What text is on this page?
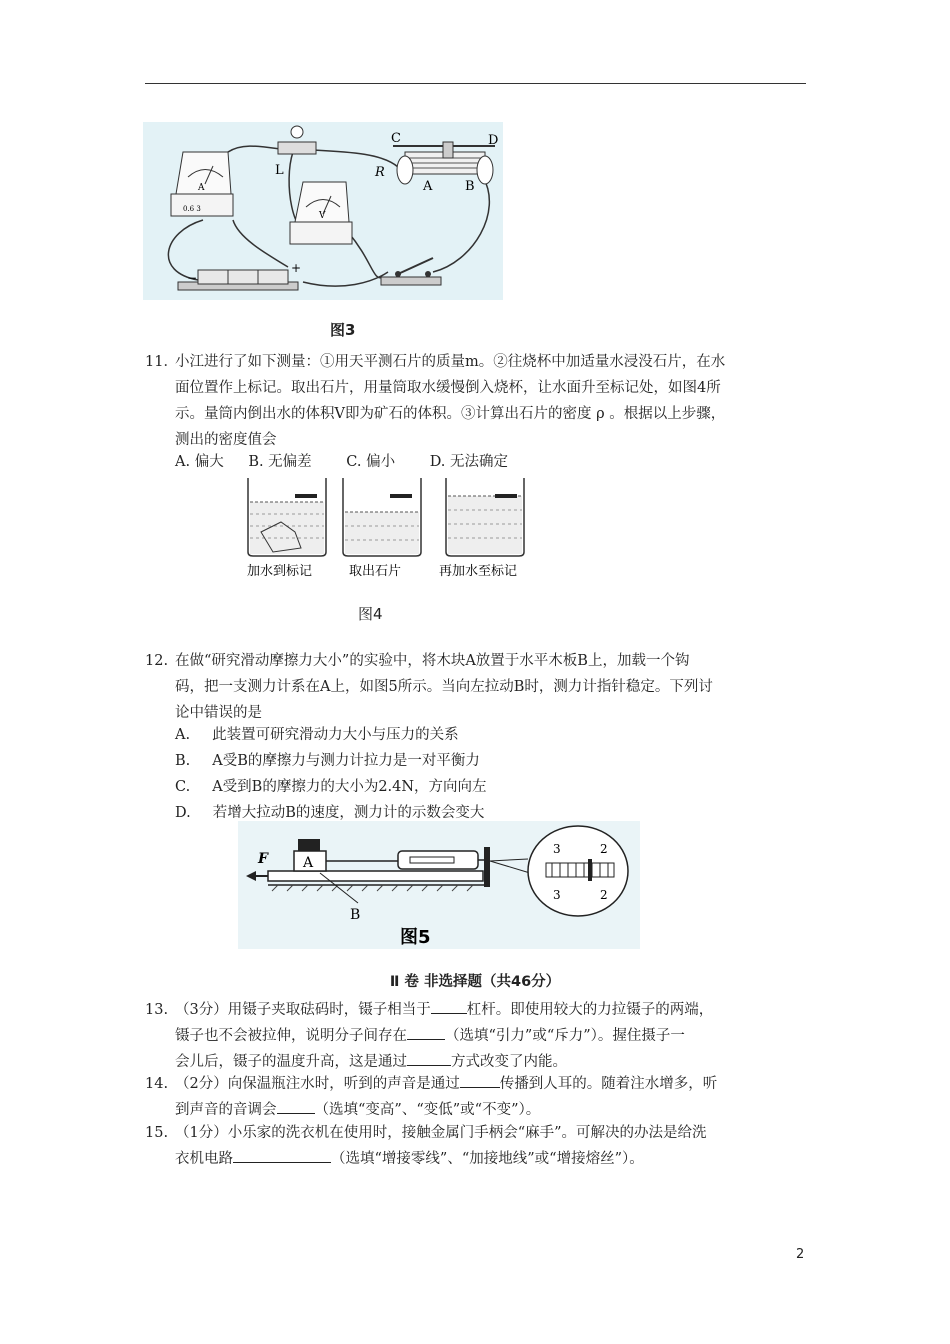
A
0.6 3
L
V
C	D
R
A	B
−
+
图3
11．
小江进行了如下测量：①用天平测石片的质量m。②往烧杯中加适量水浸没石片，在水
面位置作上标记。取出石片，用量筒取水缓慢倒入烧杯，让水面升至标记处，如图4所
示。量筒内倒出水的体积V即为矿石的体积。③计算出石片的密度 ρ 。根据以上步骤，
测出的密度值会
A. 偏大 B. 无偏差 C. 偏小 D. 无法确定
加水到标记	取出石片	再加水至标记
图4
12. 在做“研究滑动摩擦力大小”的实验中，将木块A放置于水平木板B上，加载一个钩
码，把一支测力计系在A上，如图5所示。当向左拉动B时，测力计指针稳定。下列讨
论中错误的是
A. 此装置可研究滑动力大小与压力的关系
B. A受B的摩擦力与测力计拉力是一对平衡力
C. A受到B的摩擦力的大小为2.4N，方向向左
D. 若增大拉动B的速度，测力计的示数会变大
F	A
B
3
3
2
2
图5
Ⅱ 卷 非选择题（共46分）
13. （3分）用镊子夹取砝码时，镊子相当于 杠杆。即使用较大的力拉镊子的两端，
镊子也不会被拉伸，说明分子间存在	（选填“引力”或“斥力”）。握住摄子一
会儿后，镊子的温度升高，这是通过	方式改变了内能。
14. （2分）向保温瓶注水时，听到的声音是通过	传播到人耳的。随着注水增多，听
到声音的音调会	（选填“变高”、“变低”或“不变”）。
15. （1分）小乐家的洗衣机在使用时，接触金属门手柄会“麻手”。可解决的办法是给洗
衣机电路	（选填“增接零线”、“加接地线”或“增接熔丝”）。
2
